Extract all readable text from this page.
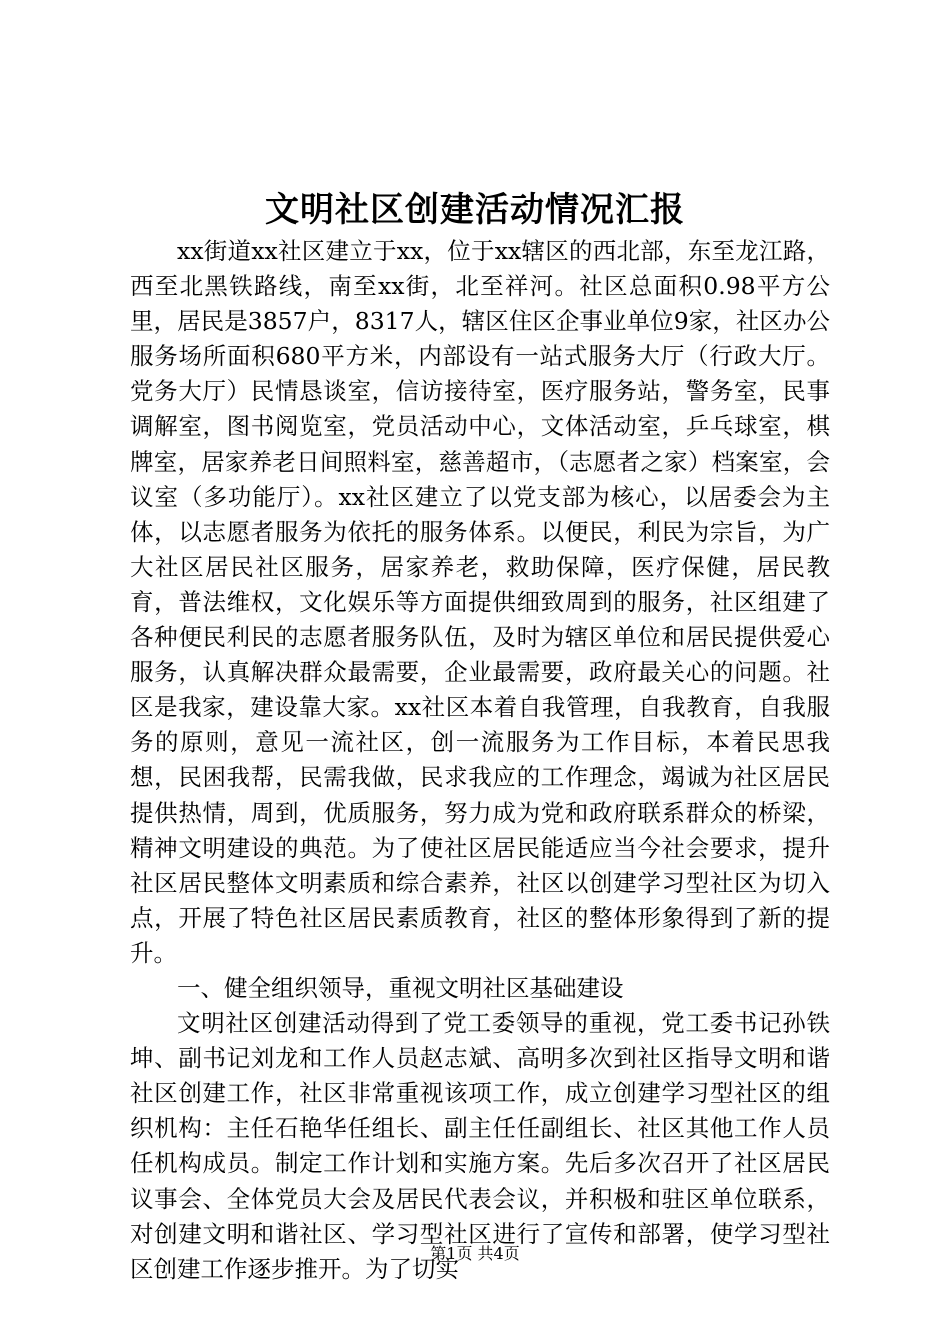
文明社区创建活动情况汇报

xx街道xx社区建立于xx，位于xx辖区的西北部，东至龙江路，西至北黑铁路线，南至xx街，北至祥河。社区总面积0.98平方公里，居民是3857户，8317人，辖区住区企事业单位9家，社区办公服务场所面积680平方米，内部设有一站式服务大厅（行政大厅。党务大厅）民情恳谈室，信访接待室，医疗服务站，警务室，民事调解室，图书阅览室，党员活动中心，文体活动室，乒乓球室，棋牌室，居家养老日间照料室，慈善超市，（志愿者之家）档案室，会议室（多功能厅）。xx社区建立了以党支部为核心，以居委会为主体，以志愿者服务为依托的服务体系。以便民，利民为宗旨，为广大社区居民社区服务，居家养老，救助保障，医疗保健，居民教育，普法维权，文化娱乐等方面提供细致周到的服务，社区组建了各种便民利民的志愿者服务队伍，及时为辖区单位和居民提供爱心服务，认真解决群众最需要，企业最需要，政府最关心的问题。社区是我家，建设靠大家。xx社区本着自我管理，自我教育，自我服务的原则，意见一流社区，创一流服务为工作目标，本着民思我想，民困我帮，民需我做，民求我应的工作理念，竭诚为社区居民提供热情，周到，优质服务，努力成为党和政府联系群众的桥梁，精神文明建设的典范。为了使社区居民能适应当今社会要求，提升社区居民整体文明素质和综合素养，社区以创建学习型社区为切入点，开展了特色社区居民素质教育，社区的整体形象得到了新的提升。

一、健全组织领导，重视文明社区基础建设

文明社区创建活动得到了党工委领导的重视，党工委书记孙铁坤、副书记刘龙和工作人员赵志斌、高明多次到社区指导文明和谐社区创建工作，社区非常重视该项工作，成立创建学习型社区的组织机构：主任石艳华任组长、副主任任副组长、社区其他工作人员任机构成员。制定工作计划和实施方案。先后多次召开了社区居民议事会、全体党员大会及居民代表会议，并积极和驻区单位联系，对创建文明和谐社区、学习型社区进行了宣传和部署，使学习型社区创建工作逐步推开。为了切实

第1页 共4页
